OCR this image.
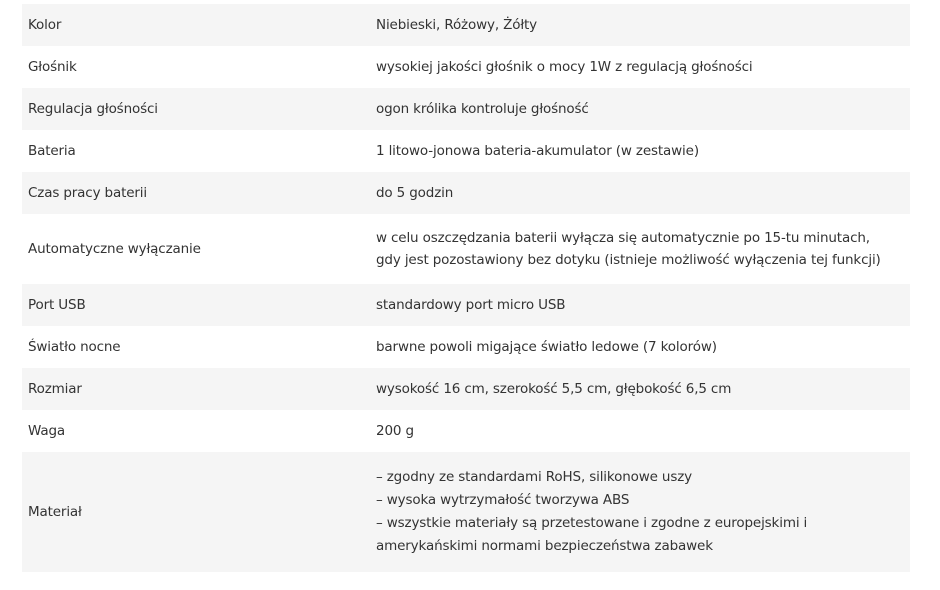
Kolor	Niebieski, Różowy, Żółty
Głośnik	wysokiej jakości głośnik o mocy 1W z regulacją głośności
Regulacja głośności	ogon królika kontroluje głośność
Bateria	1 litowo-jonowa bateria-akumulator (w zestawie)
Czas pracy baterii	do 5 godzin
Automatyczne wyłączanie	w celu oszczędzania baterii wyłącza się automatycznie po 15-tu minutach,
gdy jest pozostawiony bez dotyku (istnieje możliwość wyłączenia tej funkcji)

Port USB	standardowy port micro USB
Światło nocne	barwne powoli migające światło ledowe (7 kolorów)
Rozmiar	wysokość 16 cm, szerokość 5,5 cm, głębokość 6,5 cm
Waga	200 g
Materiał	– zgodny ze standardami RoHS, silikonowe uszy
– wysoka wytrzymałość tworzywa ABS
– wszystkie materiały są przetestowane i zgodne z europejskimi i
amerykańskimi normami bezpieczeństwa zabawek
